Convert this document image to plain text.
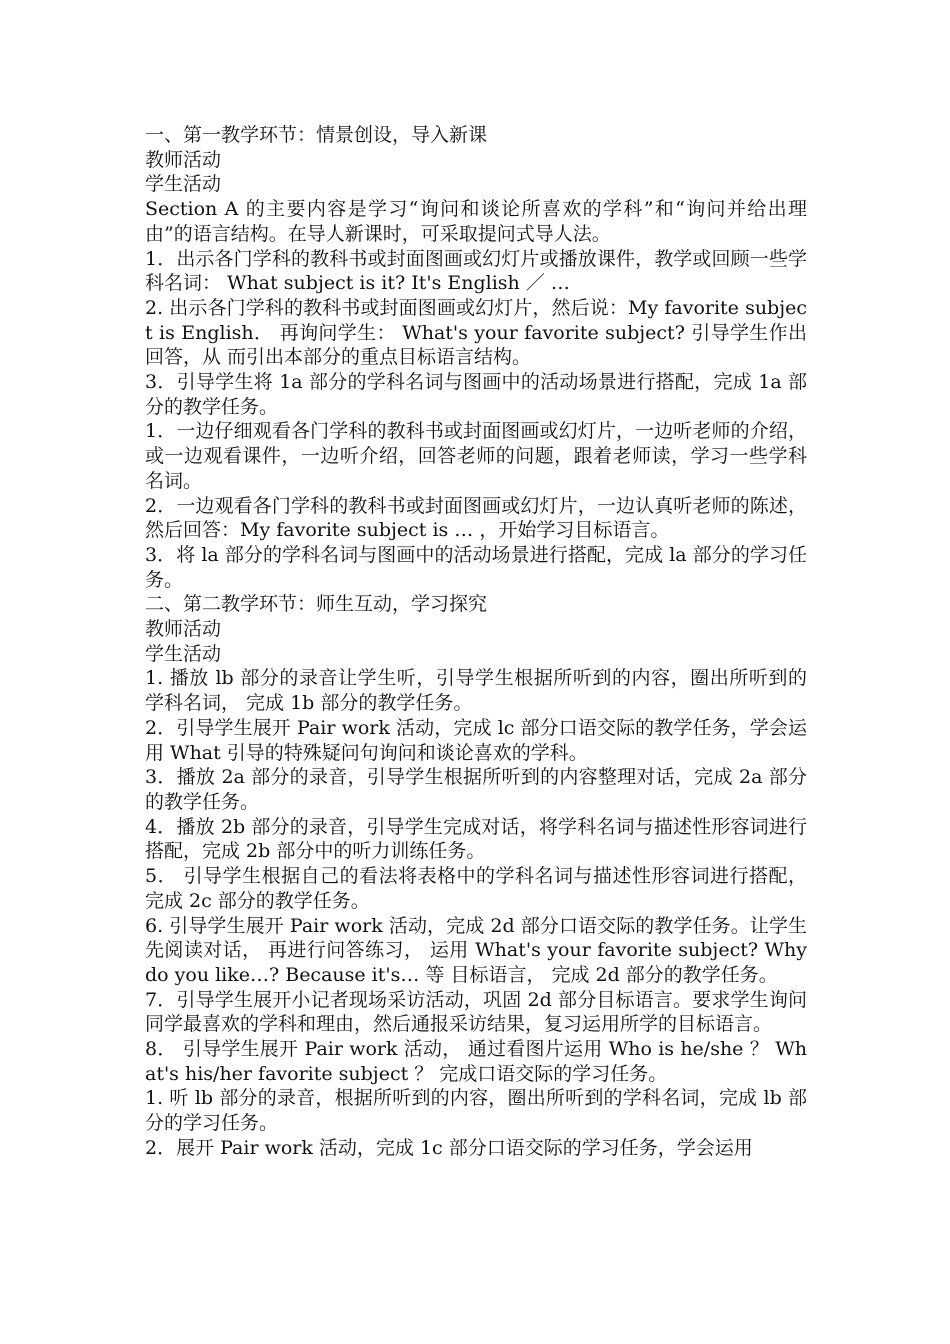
一、第一教学环节：情景创设，导入新课

教师活动

学生活动

Section A 的主要内容是学习“询问和谈论所喜欢的学科”和“询问并给出理由”的语言结构。在导人新课时，可采取提问式导人法。

1．出示各门学科的教科书或封面图画或幻灯片或播放课件，教学或回顾一些学科名词： What subject is it? It's English ／ …

2. 出示各门学科的教科书或封面图画或幻灯片，然后说：My favorite subject is English． 再询问学生： What's your favorite subject? 引导学生作出回答，从 而引出本部分的重点目标语言结构。

3．引导学生将 1a 部分的学科名词与图画中的活动场景进行搭配，完成 1a 部分的教学任务。

1．一边仔细观看各门学科的教科书或封面图画或幻灯片，一边听老师的介绍，或一边观看课件，一边听介绍，回答老师的问题，跟着老师读，学习一些学科名词。

2．一边观看各门学科的教科书或封面图画或幻灯片，一边认真听老师的陈述，然后回答：My favorite subject is … ，开始学习目标语言。

3．将 la 部分的学科名词与图画中的活动场景进行搭配，完成 la 部分的学习任务。

二、第二教学环节：师生互动，学习探究

教师活动

学生活动

1. 播放 lb 部分的录音让学生听，引导学生根据所听到的内容，圈出所听到的学科名词， 完成 1b 部分的教学任务。

2．引导学生展开 Pair work 活动，完成 lc 部分口语交际的教学任务，学会运用 What 引导的特殊疑问句询问和谈论喜欢的学科。

3．播放 2a 部分的录音，引导学生根据所听到的内容整理对话，完成 2a 部分的教学任务。

4．播放 2b 部分的录音，引导学生完成对话，将学科名词与描述性形容词进行搭配，完成 2b 部分中的听力训练任务。

5． 引导学生根据自己的看法将表格中的学科名词与描述性形容词进行搭配，完成 2c 部分的教学任务。

6. 引导学生展开 Pair work 活动，完成 2d 部分口语交际的教学任务。让学生先阅读对话， 再进行问答练习， 运用 What's your favorite subject? Why do you like…? Because it's… 等 目标语言， 完成 2d 部分的教学任务。

7．引导学生展开小记者现场采访活动，巩固 2d 部分目标语言。要求学生询问同学最喜欢的学科和理由，然后通报采访结果，复习运用所学的目标语言。

8． 引导学生展开 Pair work 活动， 通过看图片运用 Who is he/she ？ What's his/her favorite subject ？ 完成口语交际的学习任务。

1. 听 lb 部分的录音，根据所听到的内容，圈出所听到的学科名词，完成 lb 部分的学习任务。

2．展开 Pair work 活动，完成 1c 部分口语交际的学习任务，学会运用
